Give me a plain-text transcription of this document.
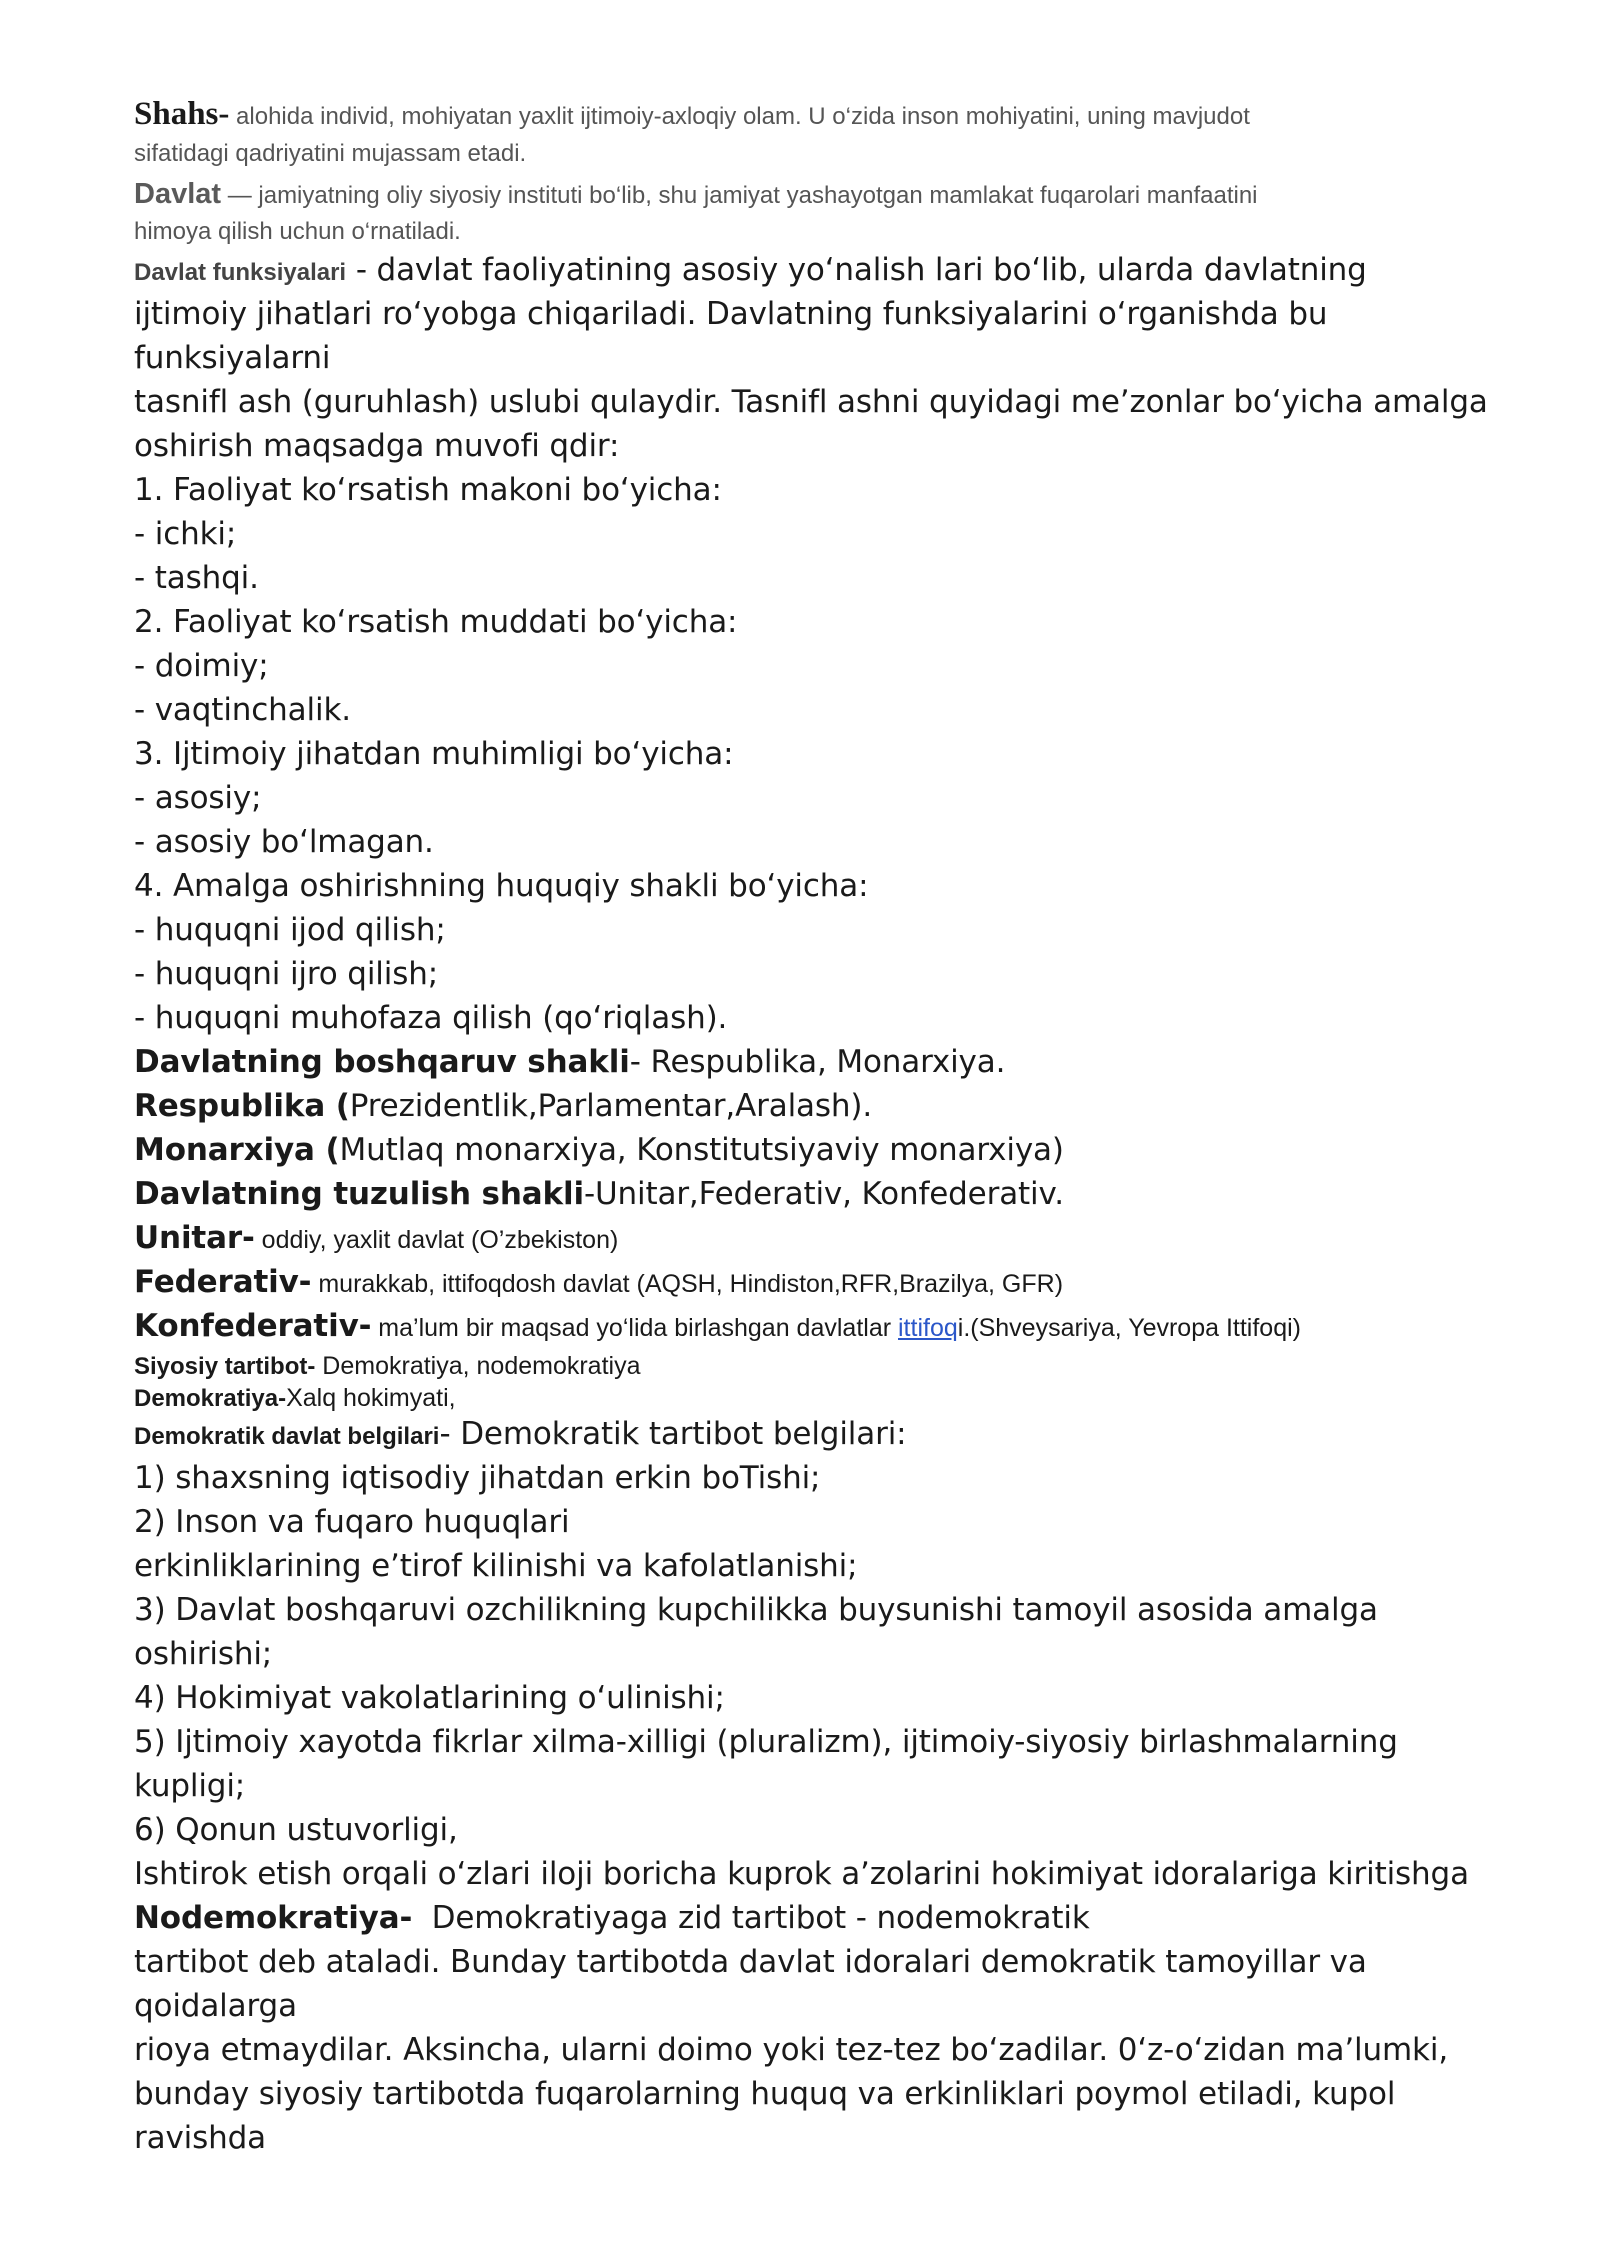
Shahs- alohida individ, mohiyatan yaxlit ijtimoiy-axloqiy olam. U o‘zida inson mohiyatini, uning mavjudot
sifatidagi qadriyatini mujassam etadi.
Davlat — jamiyatning oliy siyosiy instituti bo‘lib, shu jamiyat yashayotgan mamlakat fuqarolari manfaatini
himoya qilish uchun o‘rnatiladi.
Davlat funksiyalari - davlat faoliyatining asosiy yo‘nalish lari bo‘lib, ularda davlatning
ijtimoiy jihatlari ro‘yobga chiqariladi. Davlatning funksiyalarini o‘rganishda bu
funksiyalarni
tasnifl ash (guruhlash) uslubi qulaydir. Tasnifl ashni quyidagi me’zonlar bo‘yicha amalga
oshirish maqsadga muvofi qdir:
1. Faoliyat ko‘rsatish makoni bo‘yicha:
- ichki;
- tashqi.
2. Faoliyat ko‘rsatish muddati bo‘yicha:
- doimiy;
- vaqtinchalik.
3. Ijtimoiy jihatdan muhimligi bo‘yicha:
- asosiy;
- asosiy bo‘lmagan.
4. Amalga oshirishning huquqiy shakli bo‘yicha:
- huquqni ijod qilish;
- huquqni ijro qilish;
- huquqni muhofaza qilish (qo‘riqlash).
Davlatning boshqaruv shakli- Respublika, Monarxiya.
Respublika (Prezidentlik,Parlamentar,Aralash).
Monarxiya (Mutlaq monarxiya, Konstitutsiyaviy monarxiya)
Davlatning tuzulish shakli-Unitar,Federativ, Konfederativ.
Unitar- oddiy, yaxlit davlat (O’zbekiston)
Federativ- murakkab, ittifoqdosh davlat (AQSH, Hindiston,RFR,Brazilya, GFR)
Konfederativ- ma’lum bir maqsad yo‘lida birlashgan davlatlar ittifoqi.(Shveysariya, Yevropa Ittifoqi)
Siyosiy tartibot- Demokratiya, nodemokratiya
Demokratiya-Xalq hokimyati,
Demokratik davlat belgilari- Demokratik tartibot belgilari:
1) shaxsning iqtisodiy jihatdan erkin boTishi;
2) Inson va fuqaro huquqlari
erkinliklarining e’tirof kilinishi va kafolatlanishi;
3) Davlat boshqaruvi ozchilikning kupchilikka buysunishi tamoyil asosida amalga
oshirishi;
4) Hokimiyat vakolatlarining o‘ulinishi;
5) Ijtimoiy xayotda fikrlar xilma-xilligi (pluralizm), ijtimoiy-siyosiy birlashmalarning
kupligi;
6) Qonun ustuvorligi,
Ishtirok etish orqali o‘zlari iloji boricha kuprok a’zolarini hokimiyat idoralariga kiritishga
Nodemokratiya-  Demokratiyaga zid tartibot - nodemokratik
tartibot deb ataladi. Bunday tartibotda davlat idoralari demokratik tamoyillar va
qoidalarga
rioya etmaydilar. Aksincha, ularni doimo yoki tez-tez bo‘zadilar. 0‘z-o‘zidan ma’lumki,
bunday siyosiy tartibotda fuqarolarning huquq va erkinliklari poymol etiladi, kupol
ravishda
